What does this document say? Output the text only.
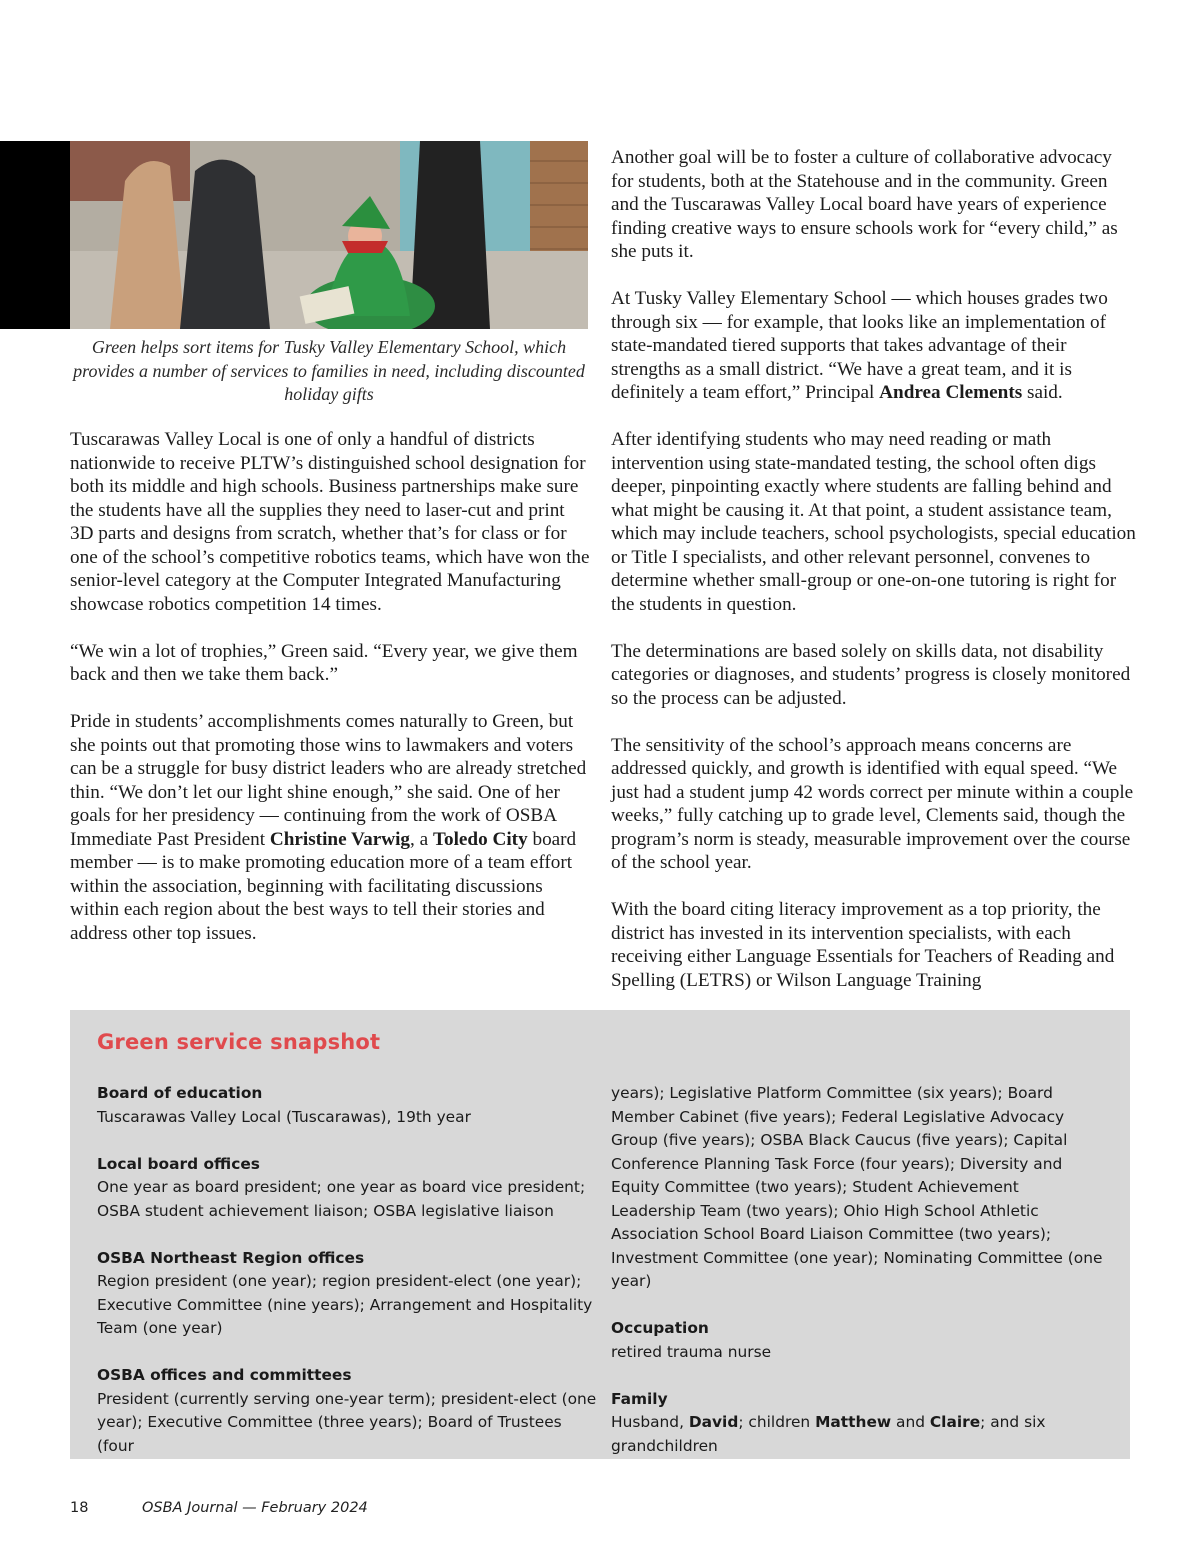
Green helps sort items for Tusky Valley Elementary School, which provides a number of services to families in need, including discounted holiday gifts

Tuscarawas Valley Local is one of only a handful of districts nationwide to receive PLTW’s distinguished school designation for both its middle and high schools. Business partnerships make sure the students have all the supplies they need to laser-cut and print 3D parts and designs from scratch, whether that’s for class or for one of the school’s competitive robotics teams, which have won the senior-level category at the Computer Integrated Manufacturing showcase robotics competition 14 times.

“We win a lot of trophies,” Green said. “Every year, we give them back and then we take them back.”

Pride in students’ accomplishments comes naturally to Green, but she points out that promoting those wins to lawmakers and voters can be a struggle for busy district leaders who are already stretched thin. “We don’t let our light shine enough,” she said. One of her goals for her presidency — continuing from the work of OSBA Immediate Past President Christine Varwig, a Toledo City board member — is to make promoting education more of a team effort within the association, beginning with facilitating discussions within each region about the best ways to tell their stories and address other top issues.

Another goal will be to foster a culture of collaborative advocacy for students, both at the Statehouse and in the community. Green and the Tuscarawas Valley Local board have years of experience finding creative ways to ensure schools work for “every child,” as she puts it.

At Tusky Valley Elementary School — which houses grades two through six — for example, that looks like an implementation of state-mandated tiered supports that takes advantage of their strengths as a small district. “We have a great team, and it is definitely a team effort,” Principal Andrea Clements said.

After identifying students who may need reading or math intervention using state-mandated testing, the school often digs deeper, pinpointing exactly where students are falling behind and what might be causing it. At that point, a student assistance team, which may include teachers, school psychologists, special education or Title I specialists, and other relevant personnel, convenes to determine whether small-group or one-on-one tutoring is right for the students in question.

The determinations are based solely on skills data, not disability categories or diagnoses, and students’ progress is closely monitored so the process can be adjusted.

The sensitivity of the school’s approach means concerns are addressed quickly, and growth is identified with equal speed. “We just had a student jump 42 words correct per minute within a couple weeks,” fully catching up to grade level, Clements said, though the program’s norm is steady, measurable improvement over the course of the school year.

With the board citing literacy improvement as a top priority, the district has invested in its intervention specialists, with each receiving either Language Essentials for Teachers of Reading and Spelling (LETRS) or Wilson Language Training

Green service snapshot

Board of education

Tuscarawas Valley Local (Tuscarawas), 19th year

Local board offices

One year as board president; one year as board vice president; OSBA student achievement liaison; OSBA legislative liaison

OSBA Northeast Region offices

Region president (one year); region president-elect (one year); Executive Committee (nine years); Arrangement and Hospitality Team (one year)

OSBA offices and committees

President (currently serving one-year term); president-elect (one year); Executive Committee (three years); Board of Trustees (four

years); Legislative Platform Committee (six years); Board Member Cabinet (five years); Federal Legislative Advocacy Group (five years); OSBA Black Caucus (five years); Capital Conference Planning Task Force (four years); Diversity and Equity Committee (two years); Student Achievement Leadership Team (two years); Ohio High School Athletic Association School Board Liaison Committee (two years); Investment Committee (one year); Nominating Committee (one year)

Occupation

retired trauma nurse

Family

Husband, David; children Matthew and Claire; and six grandchildren

18	OSBA Journal — February 2024
